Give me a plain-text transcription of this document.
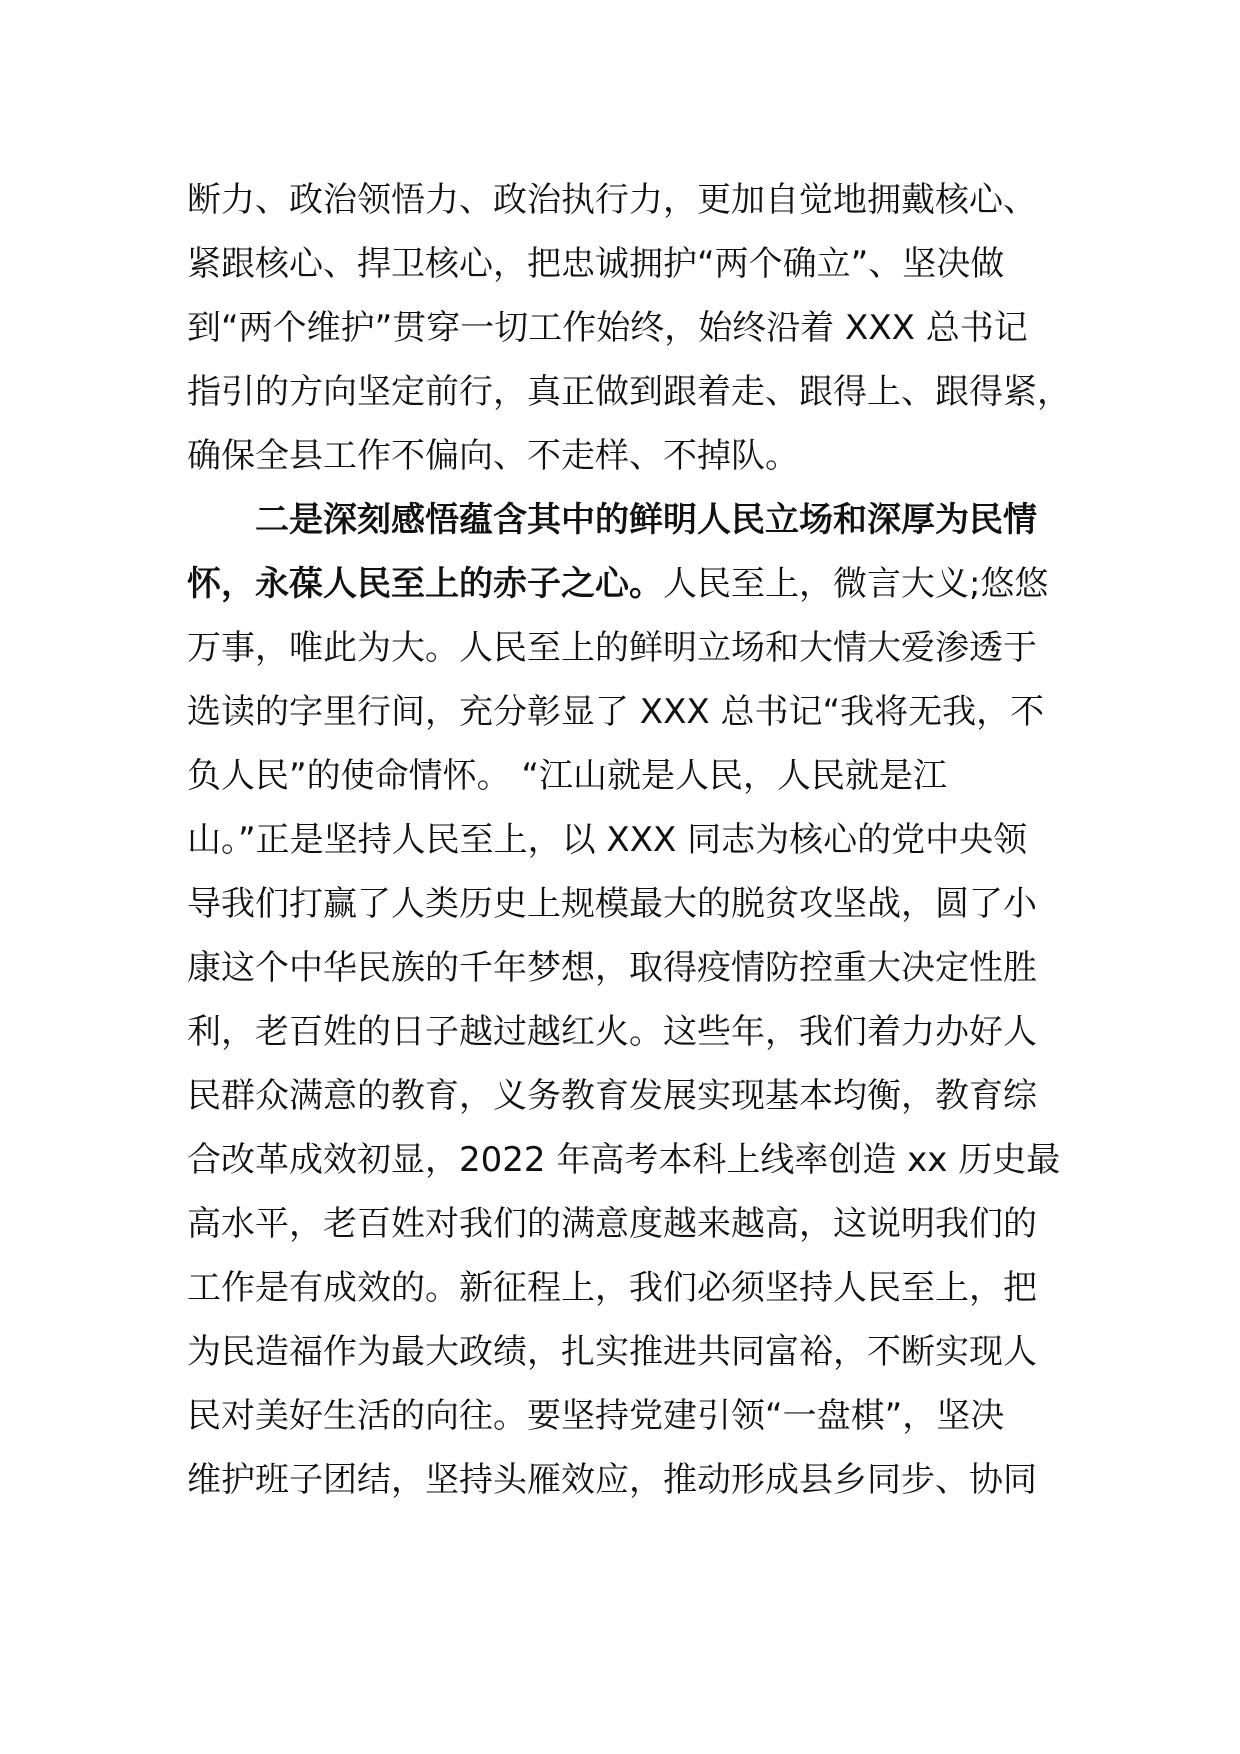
断力、政治领悟力、政治执行力，更加自觉地拥戴核心、
紧跟核心、捍卫核心，把忠诚拥护“两个确立”、坚决做
到“两个维护”贯穿一切工作始终，始终沿着 XXX 总书记
指引的方向坚定前行，真正做到跟着走、跟得上、跟得紧，
确保全县工作不偏向、不走样、不掉队。
二是深刻感悟蕴含其中的鲜明人民立场和深厚为民情
怀，永葆人民至上的赤子之心。人民至上，微言大义;悠悠
万事，唯此为大。人民至上的鲜明立场和大情大爱渗透于
选读的字里行间，充分彰显了 XXX 总书记“我将无我，不
负人民”的使命情怀。 “江山就是人民，人民就是江
山。”正是坚持人民至上，以 XXX 同志为核心的党中央领
导我们打赢了人类历史上规模最大的脱贫攻坚战，圆了小
康这个中华民族的千年梦想，取得疫情防控重大决定性胜
利，老百姓的日子越过越红火。这些年，我们着力办好人
民群众满意的教育，义务教育发展实现基本均衡，教育综
合改革成效初显，2022 年高考本科上线率创造 xx 历史最
高水平，老百姓对我们的满意度越来越高，这说明我们的
工作是有成效的。新征程上，我们必须坚持人民至上，把
为民造福作为最大政绩，扎实推进共同富裕，不断实现人
民对美好生活的向往。要坚持党建引领“一盘棋”，坚决
维护班子团结，坚持头雁效应，推动形成县乡同步、协同
